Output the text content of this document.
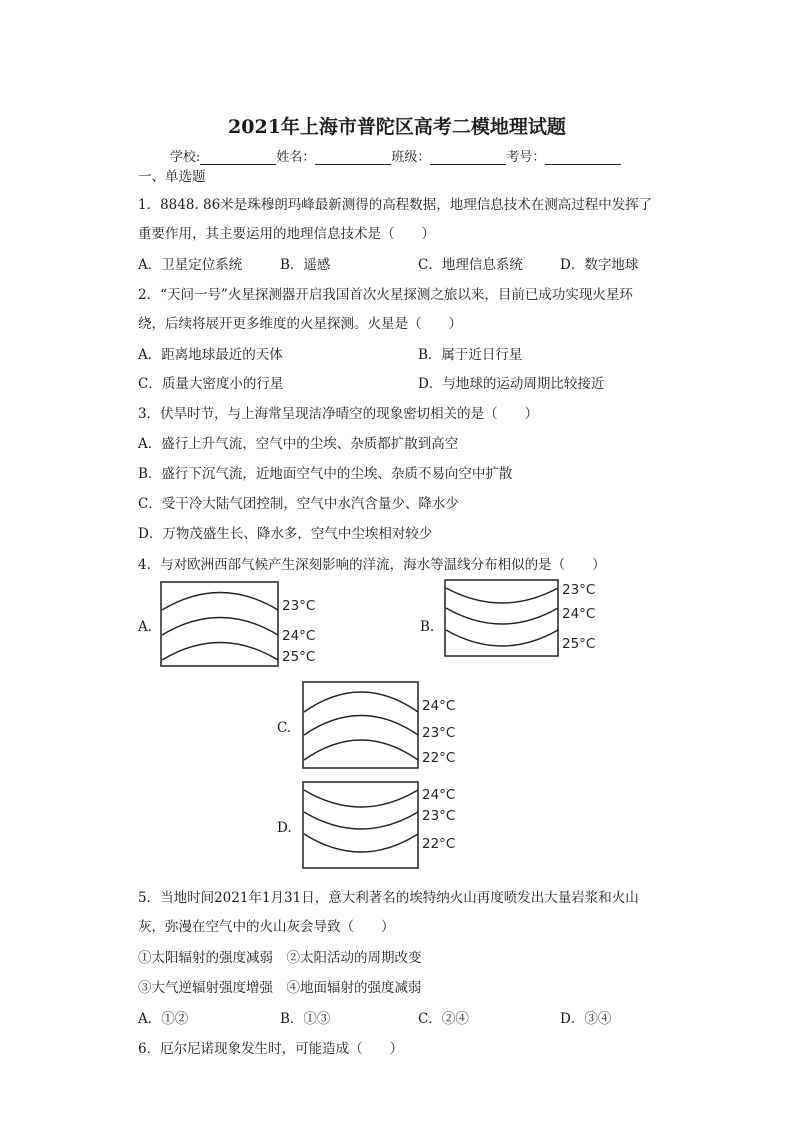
2021年上海市普陀区高考二模地理试题
学校:	姓名：	班级：	考号：
一、单选题
1．8848. 86米是珠穆朗玛峰最新测得的高程数据，地理信息技术在测高过程中发挥了
重要作用，其主要运用的地理信息技术是（　　）
A．卫星定位系统	B．遥感	C．地理信息系统	D．数字地球
2．“天问一号”火星探测器开启我国首次火星探测之旅以来，目前已成功实现火星环
绕，后续将展开更多维度的火星探测。火星是（　　）
A．距离地球最近的天体	B．属于近日行星
C．质量大密度小的行星	D．与地球的运动周期比较接近
3．伏旱时节，与上海常呈现洁净晴空的现象密切相关的是（　　）
A．盛行上升气流，空气中的尘埃、杂质都扩散到高空
B．盛行下沉气流，近地面空气中的尘埃、杂质不易向空中扩散
C．受干冷大陆气团控制，空气中水汽含量少、降水少
D．万物茂盛生长、降水多，空气中尘埃相对较少
4．与对欧洲西部气候产生深刻影响的洋流，海水等温线分布相似的是（　　）
A.
23°C
24°C
25°C
B.
23°C
24°C
25°C
C.
24°C
23°C
22°C
D.
24°C
23°C
22°C
5．当地时间2021年1月31日，意大利著名的埃特纳火山再度喷发出大量岩浆和火山
灰，弥漫在空气中的火山灰会导致（　　）
①太阳辐射的强度减弱　②太阳活动的周期改变
③大气逆辐射强度增强　④地面辐射的强度减弱
A．①②	B．①③	C．②④	D．③④
6．厄尔尼诺现象发生时，可能造成（　　）
